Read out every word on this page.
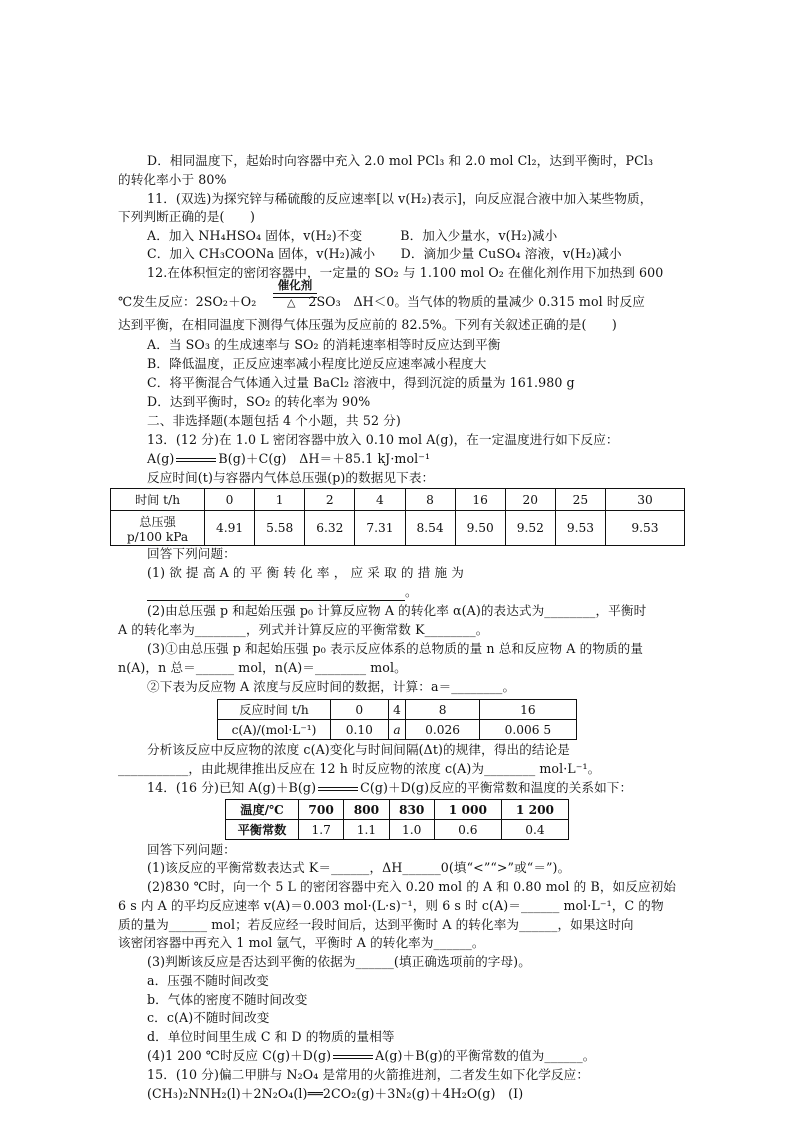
D．相同温度下，起始时向容器中充入 2.0 mol PCl₃ 和 2.0 mol Cl₂，达到平衡时，PCl₃
的转化率小于 80%
11．(双选)为探究锌与稀硫酸的反应速率[以 v(H₂)表示]，向反应混合液中加入某些物质，
下列判断正确的是(　　)
A．加入 NH₄HSO₄ 固体，v(H₂)不变　　　B．加入少量水，v(H₂)减小
C．加入 CH₃COONa 固体，v(H₂)减小　　D．滴加少量 CuSO₄ 溶液，v(H₂)减小
12.在体积恒定的密闭容器中，一定量的 SO₂ 与 1.100 mol O₂ 在催化剂作用下加热到 600
℃发生反应：2SO₂＋O₂	2SO₃　ΔH＜0。当气体的物质的量减少 0.315 mol 时反应
催化剂
△
达到平衡，在相同温度下测得气体压强为反应前的 82.5%。下列有关叙述正确的是(　　)
A．当 SO₃ 的生成速率与 SO₂ 的消耗速率相等时反应达到平衡
B．降低温度，正反应速率减小程度比逆反应速率减小程度大
C．将平衡混合气体通入过量 BaCl₂ 溶液中，得到沉淀的质量为 161.980 g
D．达到平衡时，SO₂ 的转化率为 90%
二、非选择题(本题包括 4 个小题，共 52 分)
13．(12 分)在 1.0 L 密闭容器中放入 0.10 mol A(g)，在一定温度进行如下反应：
A(g)	B(g)＋C(g)　ΔH＝＋85.1 kJ·mol⁻¹
反应时间(t)与容器内气体总压强(p)的数据见下表：
时间 t/h	0	1	2	4	8	16	20	25	30

总压强
p/100 kPa	4.91	5.58	6.32	7.31	8.54	9.50	9.52	9.53	9.53
回答下列问题：
(1) 欲 提 高 A 的 平 衡 转 化 率 ， 应 采 取 的 措 施 为
。
(2)由总压强 p 和起始压强 p₀ 计算反应物 A 的转化率 α(A)的表达式为________，平衡时
A 的转化率为________，列式并计算反应的平衡常数 K________。
(3)①由总压强 p 和起始压强 p₀ 表示反应体系的总物质的量 n 总和反应物 A 的物质的量
n(A)，n 总＝______ mol，n(A)＝________ mol。
②下表为反应物 A 浓度与反应时间的数据，计算：a＝________。
反应时间 t/h	0	4	8	16
c(A)/(mol·L⁻¹)	0.10	a	0.026	0.006 5
分析该反应中反应物的浓度 c(A)变化与时间间隔(Δt)的规律，得出的结论是
___________，由此规律推出反应在 12 h 时反应物的浓度 c(A)为________ mol·L⁻¹。
14．(16 分)已知 A(g)＋B(g)	C(g)＋D(g)反应的平衡常数和温度的关系如下：
温度/℃	700	800	830	1 000	1 200
平衡常数	1.7	1.1	1.0	0.6	0.4
回答下列问题：
(1)该反应的平衡常数表达式 K＝______，ΔH______0(填“<”“>”或“＝”)。
(2)830 ℃时，向一个 5 L 的密闭容器中充入 0.20 mol 的 A 和 0.80 mol 的 B，如反应初始
6 s 内 A 的平均反应速率 v(A)＝0.003 mol·(L·s)⁻¹，则 6 s 时 c(A)＝______ mol·L⁻¹，C 的物
质的量为______ mol；若反应经一段时间后，达到平衡时 A 的转化率为______，如果这时向
该密闭容器中再充入 1 mol 氩气，平衡时 A 的转化率为______。
(3)判断该反应是否达到平衡的依据为______(填正确选项前的字母)。
a．压强不随时间改变
b．气体的密度不随时间改变
c．c(A)不随时间改变
d．单位时间里生成 C 和 D 的物质的量相等
(4)1 200 ℃时反应 C(g)＋D(g)	A(g)＋B(g)的平衡常数的值为______。
15．(10 分)偏二甲肼与 N₂O₄ 是常用的火箭推进剂，二者发生如下化学反应：
(CH₃)₂NNH₂(l)＋2N₂O₄(l)══2CO₂(g)＋3N₂(g)＋4H₂O(g)　(Ⅰ)
